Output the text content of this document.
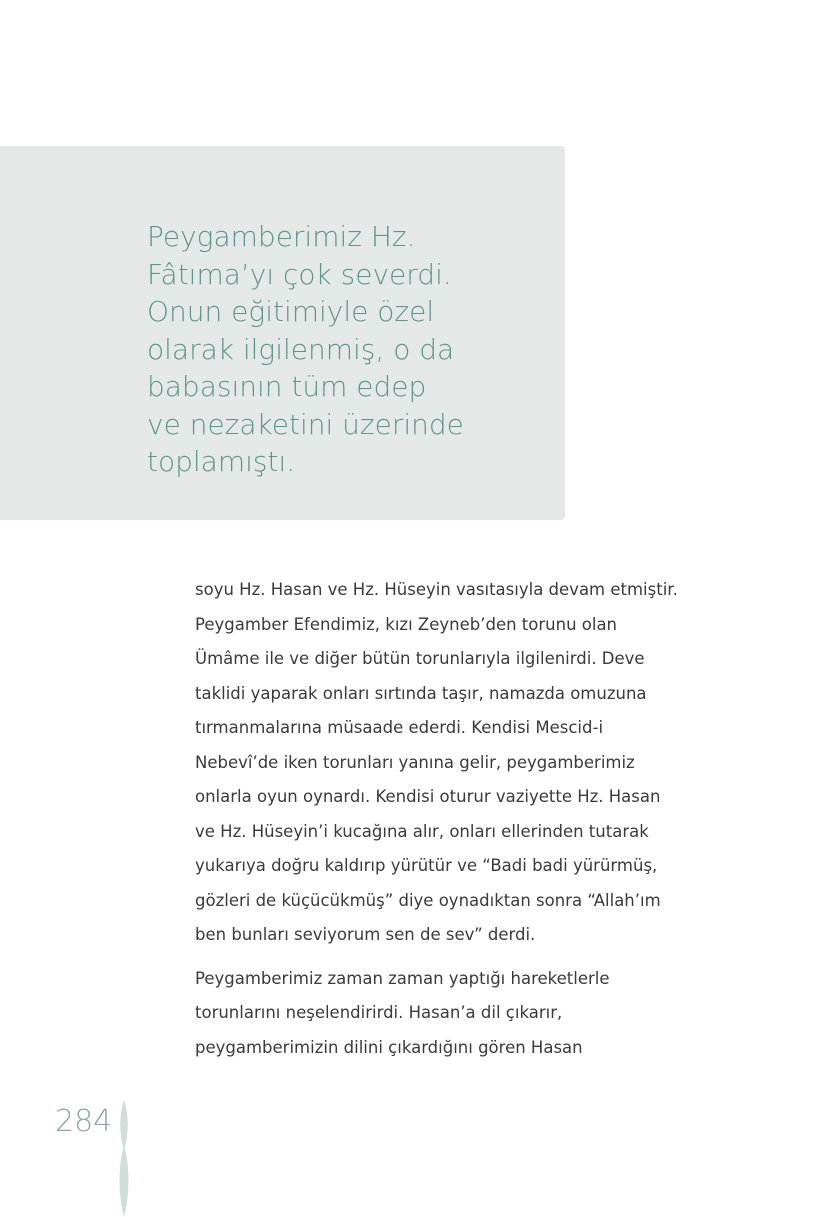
Peygamberimiz Hz.
Fâtıma’yı çok severdi.
Onun eğitimiyle özel
olarak ilgilenmiş, o da
babasının tüm edep
ve nezaketini üzerinde
toplamıştı.

soyu Hz. Hasan ve Hz. Hüseyin vasıtasıyla devam etmiştir.
Peygamber Efendimiz, kızı Zeyneb’den torunu olan
Ümâme ile ve diğer bütün torunlarıyla ilgilenirdi. Deve
taklidi yaparak onları sırtında taşır, namazda omuzuna
tırmanmalarına müsaade ederdi. Kendisi Mescid-i
Nebevî’de iken torunları yanına gelir, peygamberimiz
onlarla oyun oynardı. Kendisi oturur vaziyette Hz. Hasan
ve Hz. Hüseyin’i kucağına alır, onları ellerinden tutarak
yukarıya doğru kaldırıp yürütür ve “Badi badi yürürmüş,
gözleri de küçücükmüş” diye oynadıktan sonra “Allah’ım
ben bunları seviyorum sen de sev” derdi.

Peygamberimiz zaman zaman yaptığı hareketlerle
torunlarını neşelendirirdi. Hasan’a dil çıkarır,
peygamberimizin dilini çıkardığını gören Hasan

284
